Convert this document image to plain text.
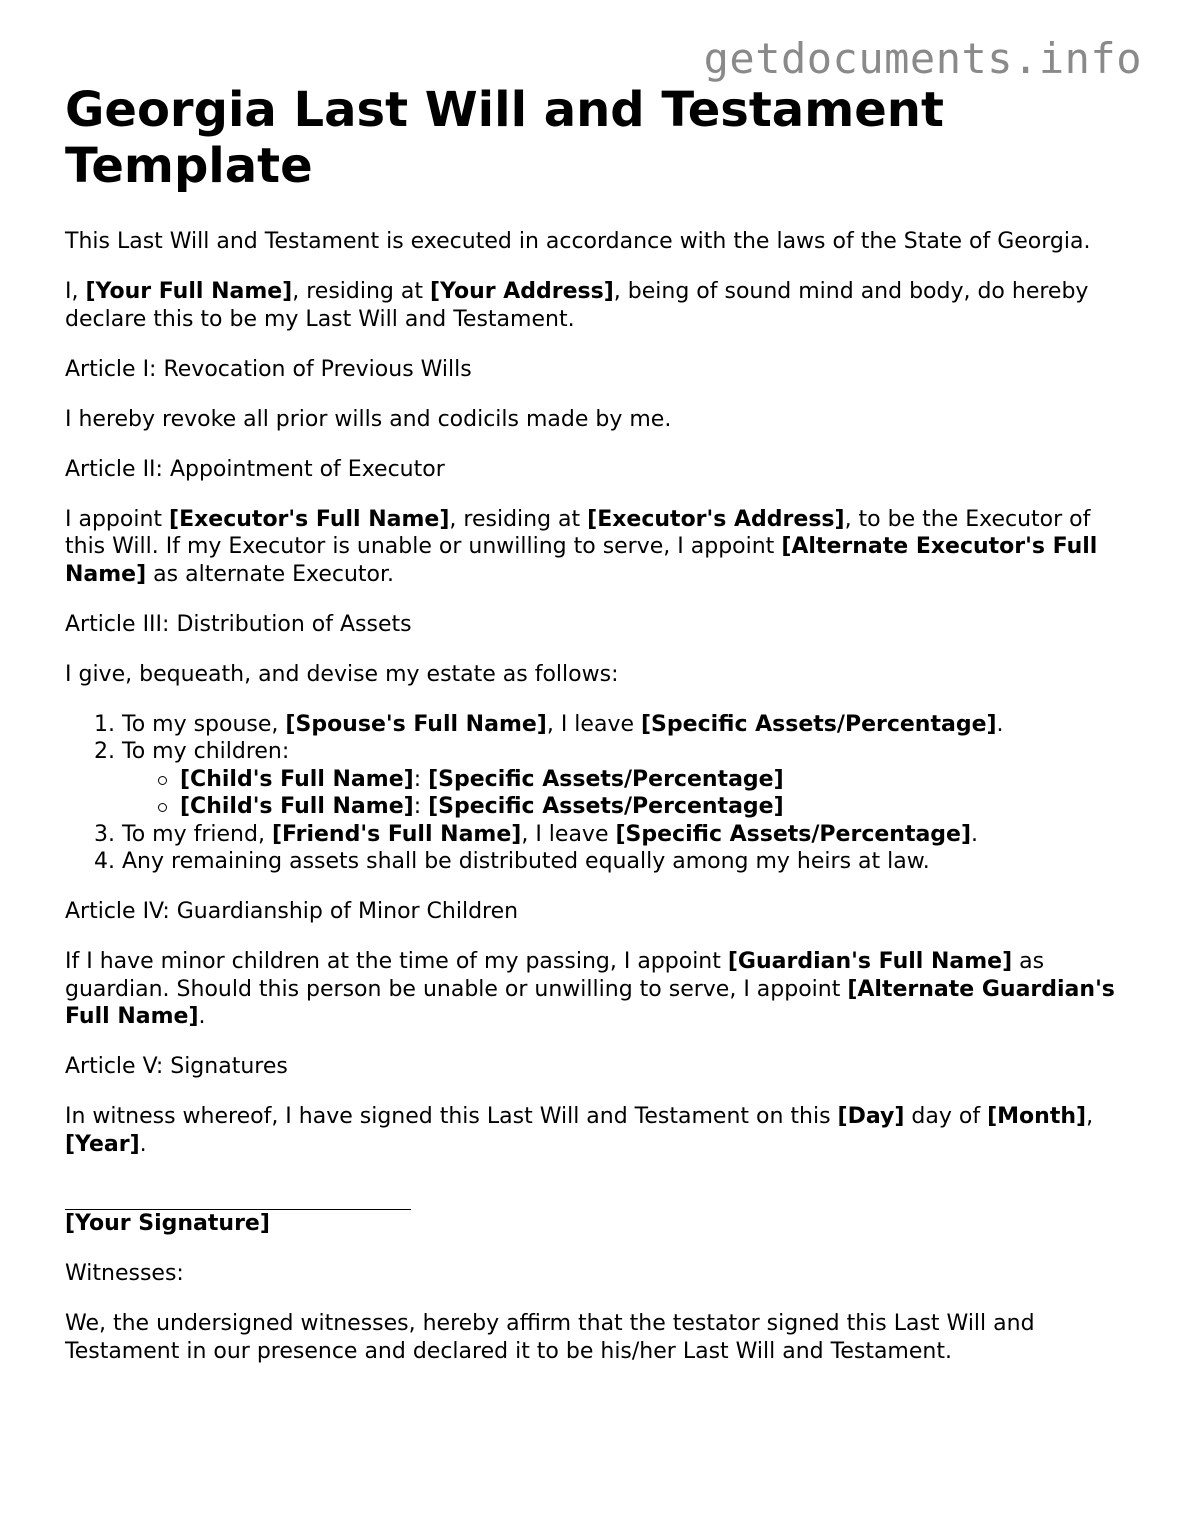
getdocuments.info
Georgia Last Will and Testament Template

This Last Will and Testament is executed in accordance with the laws of the State of Georgia.

I, [Your Full Name], residing at [Your Address], being of sound mind and body, do hereby declare this to be my Last Will and Testament.

Article I: Revocation of Previous Wills

I hereby revoke all prior wills and codicils made by me.

Article II: Appointment of Executor

I appoint [Executor's Full Name], residing at [Executor's Address], to be the Executor of this Will. If my Executor is unable or unwilling to serve, I appoint [Alternate Executor's Full Name] as alternate Executor.

Article III: Distribution of Assets

I give, bequeath, and devise my estate as follows:

1. To my spouse, [Spouse's Full Name], I leave [Specific Assets/Percentage].
2. To my children:
[Child's Full Name]: [Specific Assets/Percentage]
[Child's Full Name]: [Specific Assets/Percentage]
3. To my friend, [Friend's Full Name], I leave [Specific Assets/Percentage].
4. Any remaining assets shall be distributed equally among my heirs at law.

Article IV: Guardianship of Minor Children

If I have minor children at the time of my passing, I appoint [Guardian's Full Name] as guardian. Should this person be unable or unwilling to serve, I appoint [Alternate Guardian's Full Name].

Article V: Signatures

In witness whereof, I have signed this Last Will and Testament on this [Day] day of [Month], [Year].

[Your Signature]

Witnesses:

We, the undersigned witnesses, hereby affirm that the testator signed this Last Will and Testament in our presence and declared it to be his/her Last Will and Testament.
